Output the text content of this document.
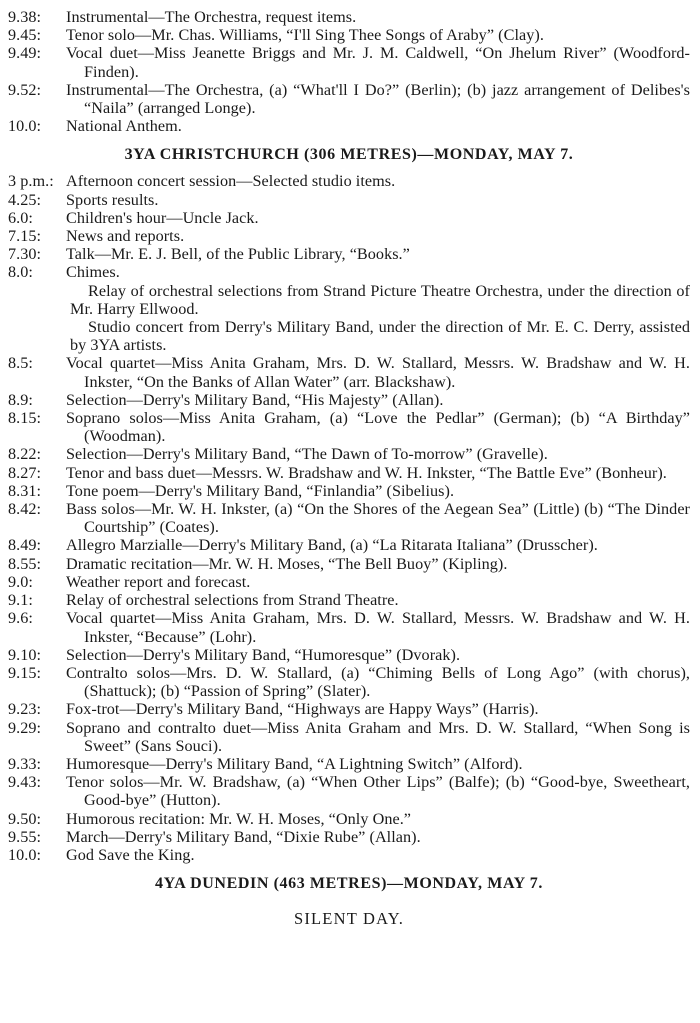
9.38:	Instrumental—The Orchestra, request items.
9.45:	Tenor solo—Mr. Chas. Williams, “I'll Sing Thee Songs of Araby” (Clay).
9.49:	Vocal duet—Miss Jeanette Briggs and Mr. J. M. Caldwell, “On Jhelum River” (Woodford-Finden).
9.52:	Instrumental—The Orchestra, (a) “What'll I Do?” (Berlin); (b) jazz arrangement of Delibes's “Naila” (arranged Longe).
10.0:	National Anthem.
3YA CHRISTCHURCH (306 METRES)—MONDAY, MAY 7.
3 p.m.: Afternoon concert session—Selected studio items.
4.25:	Sports results.
6.0:	Children's hour—Uncle Jack.
7.15:	News and reports.
7.30:	Talk—Mr. E. J. Bell, of the Public Library, “Books.”
8.0:	Chimes.
Relay of orchestral selections from Strand Picture Theatre Orchestra, under the direction of Mr. Harry Ellwood.
Studio concert from Derry's Military Band, under the direction of Mr. E. C. Derry, assisted by 3YA artists.
8.5:	Vocal quartet—Miss Anita Graham, Mrs. D. W. Stallard, Messrs. W. Bradshaw and W. H. Inkster, “On the Banks of Allan Water” (arr. Blackshaw).
8.9:	Selection—Derry's Military Band, “His Majesty” (Allan).
8.15:	Soprano solos—Miss Anita Graham, (a) “Love the Pedlar” (German); (b) “A Birthday” (Woodman).
8.22:	Selection—Derry's Military Band, “The Dawn of To-morrow” (Gravelle).
8.27:	Tenor and bass duet—Messrs. W. Bradshaw and W. H. Inkster, “The Battle Eve” (Bonheur).
8.31:	Tone poem—Derry's Military Band, “Finlandia” (Sibelius).
8.42:	Bass solos—Mr. W. H. Inkster, (a) “On the Shores of the Aegean Sea” (Little) (b) “The Dinder Courtship” (Coates).
8.49:	Allegro Marzialle—Derry's Military Band, (a) “La Ritarata Italiana” (Drusscher).
8.55:	Dramatic recitation—Mr. W. H. Moses, “The Bell Buoy” (Kipling).
9.0:	Weather report and forecast.
9.1:	Relay of orchestral selections from Strand Theatre.
9.6:	Vocal quartet—Miss Anita Graham, Mrs. D. W. Stallard, Messrs. W. Bradshaw and W. H. Inkster, “Because” (Lohr).
9.10:	Selection—Derry's Military Band, “Humoresque” (Dvorak).
9.15:	Contralto solos—Mrs. D. W. Stallard, (a) “Chiming Bells of Long Ago” (with chorus), (Shattuck); (b) “Passion of Spring” (Slater).
9.23:	Fox-trot—Derry's Military Band, “Highways are Happy Ways” (Harris).
9.29:	Soprano and contralto duet—Miss Anita Graham and Mrs. D. W. Stallard, “When Song is Sweet” (Sans Souci).
9.33:	Humoresque—Derry's Military Band, “A Lightning Switch” (Alford).
9.43:	Tenor solos—Mr. W. Bradshaw, (a) “When Other Lips” (Balfe); (b) “Good-bye, Sweetheart, Good-bye” (Hutton).
9.50:	Humorous recitation: Mr. W. H. Moses, “Only One.”
9.55:	March—Derry's Military Band, “Dixie Rube” (Allan).
10.0:	God Save the King.
4YA DUNEDIN (463 METRES)—MONDAY, MAY 7.
SILENT DAY.
